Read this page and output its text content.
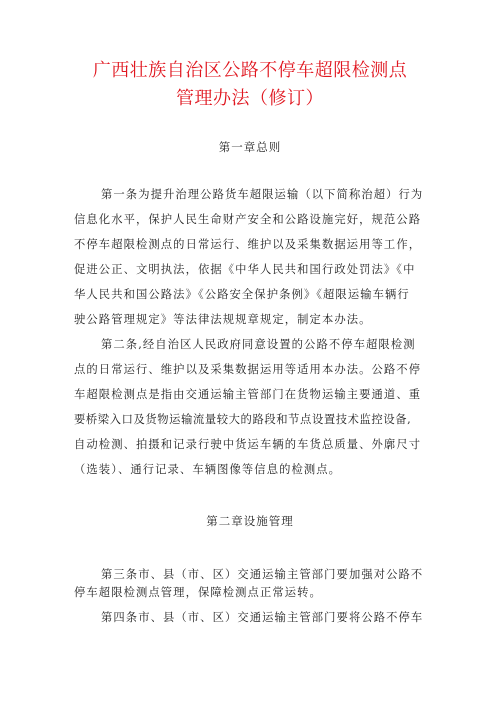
广西壮族自治区公路不停车超限检测点
管理办法（修订）
第一章总则
第一条为提升治理公路货车超限运输（以下简称治超）行为
信息化水平，保护人民生命财产安全和公路设施完好，规范公路
不停车超限检测点的日常运行、维护以及采集数据运用等工作，
促进公正、文明执法，依据《中华人民共和国行政处罚法》《中
华人民共和国公路法》《公路安全保护条例》《超限运输车辆行
驶公路管理规定》等法律法规规章规定，制定本办法。
第二条,经自治区人民政府同意设置的公路不停车超限检测
点的日常运行、维护以及采集数据运用等适用本办法。公路不停
车超限检测点是指由交通运输主管部门在货物运输主要通道、重
要桥梁入口及货物运输流量较大的路段和节点设置技术监控设备,
自动检测、拍摄和记录行驶中货运车辆的车货总质量、外廓尺寸
（选装）、通行记录、车辆图像等信息的检测点。
第二章设施管理
第三条市、县（市、区）交通运输主管部门要加强对公路不
停车超限检测点管理，保障检测点正常运转。
第四条市、县（市、区）交通运输主管部门要将公路不停车
